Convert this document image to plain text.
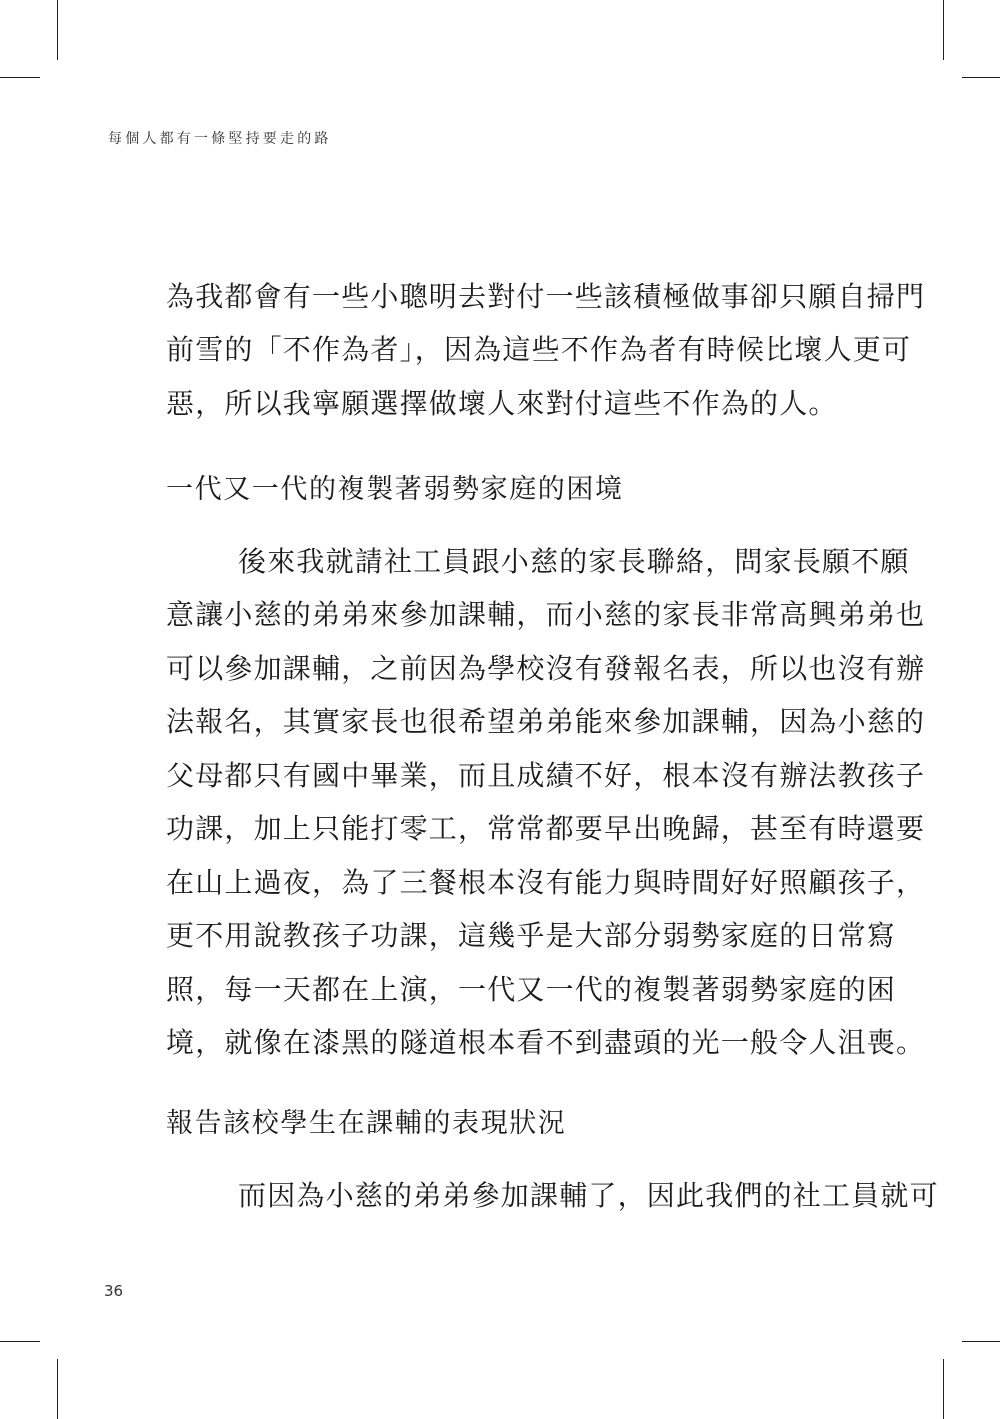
每個人都有一條堅持要走的路
為我都會有一些小聰明去對付一些該積極做事卻只願自掃門
前雪的「不作為者」，因為這些不作為者有時候比壞人更可
惡，所以我寧願選擇做壞人來對付這些不作為的人。
一代又一代的複製著弱勢家庭的困境
後來我就請社工員跟小慈的家長聯絡，問家長願不願
意讓小慈的弟弟來參加課輔，而小慈的家長非常高興弟弟也
可以參加課輔，之前因為學校沒有發報名表，所以也沒有辦
法報名，其實家長也很希望弟弟能來參加課輔，因為小慈的
父母都只有國中畢業，而且成績不好，根本沒有辦法教孩子
功課，加上只能打零工，常常都要早出晚歸，甚至有時還要
在山上過夜，為了三餐根本沒有能力與時間好好照顧孩子，
更不用說教孩子功課，這幾乎是大部分弱勢家庭的日常寫
照，每一天都在上演，一代又一代的複製著弱勢家庭的困
境，就像在漆黑的隧道根本看不到盡頭的光一般令人沮喪。
報告該校學生在課輔的表現狀況
而因為小慈的弟弟參加課輔了，因此我們的社工員就可
36
